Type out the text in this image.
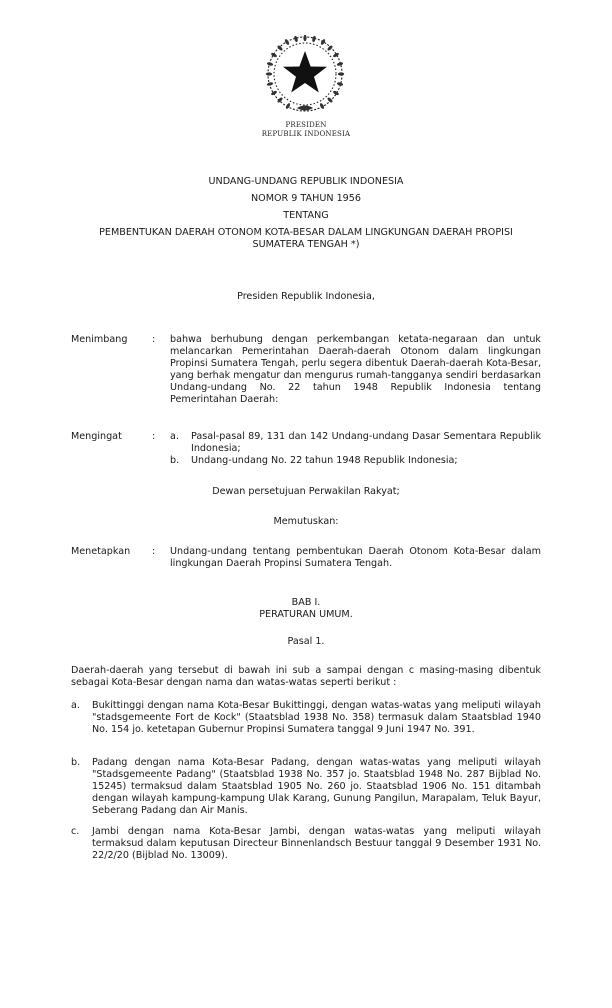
PRESIDEN
REPUBLIK INDONESIA
UNDANG-UNDANG REPUBLIK INDONESIA
NOMOR 9 TAHUN 1956
TENTANG
PEMBENTUKAN DAERAH OTONOM KOTA-BESAR DALAM LINGKUNGAN DAERAH PROPISI
SUMATERA TENGAH *)
Presiden Republik Indonesia,
Menimbang	: bahwa berhubung dengan perkembangan ketata-negaraan dan untuk melancarkan Pemerintahan Daerah-daerah Otonom dalam lingkungan Propinsi Sumatera Tengah, perlu segera dibentuk Daerah-daerah Kota-Besar, yang berhak mengatur dan mengurus rumah-tangganya sendiri berdasarkan Undang-undang No. 22 tahun 1948 Republik Indonesia tentang Pemerintahan Daerah:
Mengingat	: a. Pasal-pasal 89, 131 dan 142 Undang-undang Dasar Sementara Republik Indonesia;
b. Undang-undang No. 22 tahun 1948 Republik Indonesia;
Dewan persetujuan Perwakilan Rakyat;
Memutuskan:
Menetapkan : Undang-undang tentang pembentukan Daerah Otonom Kota-Besar dalam lingkungan Daerah Propinsi Sumatera Tengah.
BAB I.
PERATURAN UMUM.
Pasal 1.
Daerah-daerah yang tersebut di bawah ini sub a sampai dengan c masing-masing dibentuk sebagai Kota-Besar dengan nama dan watas-watas seperti berikut :
a. Bukittinggi dengan nama Kota-Besar Bukittinggi, dengan watas-watas yang meliputi wilayah "stadsgemeente Fort de Kock" (Staatsblad 1938 No. 358) termasuk dalam Staatsblad 1940 No. 154 jo. ketetapan Gubernur Propinsi Sumatera tanggal 9 Juni 1947 No. 391.
b. Padang dengan nama Kota-Besar Padang, dengan watas-watas yang meliputi wilayah "Stadsgemeente Padang" (Staatsblad 1938 No. 357 jo. Staatsblad 1948 No. 287 Bijblad No. 15245) termaksud dalam Staatsblad 1905 No. 260 jo. Staatsblad 1906 No. 151 ditambah dengan wilayah kampung-kampung Ulak Karang, Gunung Pangilun, Marapalam, Teluk Bayur, Seberang Padang dan Air Manis.
c. Jambi dengan nama Kota-Besar Jambi, dengan watas-watas yang meliputi wilayah termaksud dalam keputusan Directeur Binnenlandsch Bestuur tanggal 9 Desember 1931 No. 22/2/20 (Bijblad No. 13009).
